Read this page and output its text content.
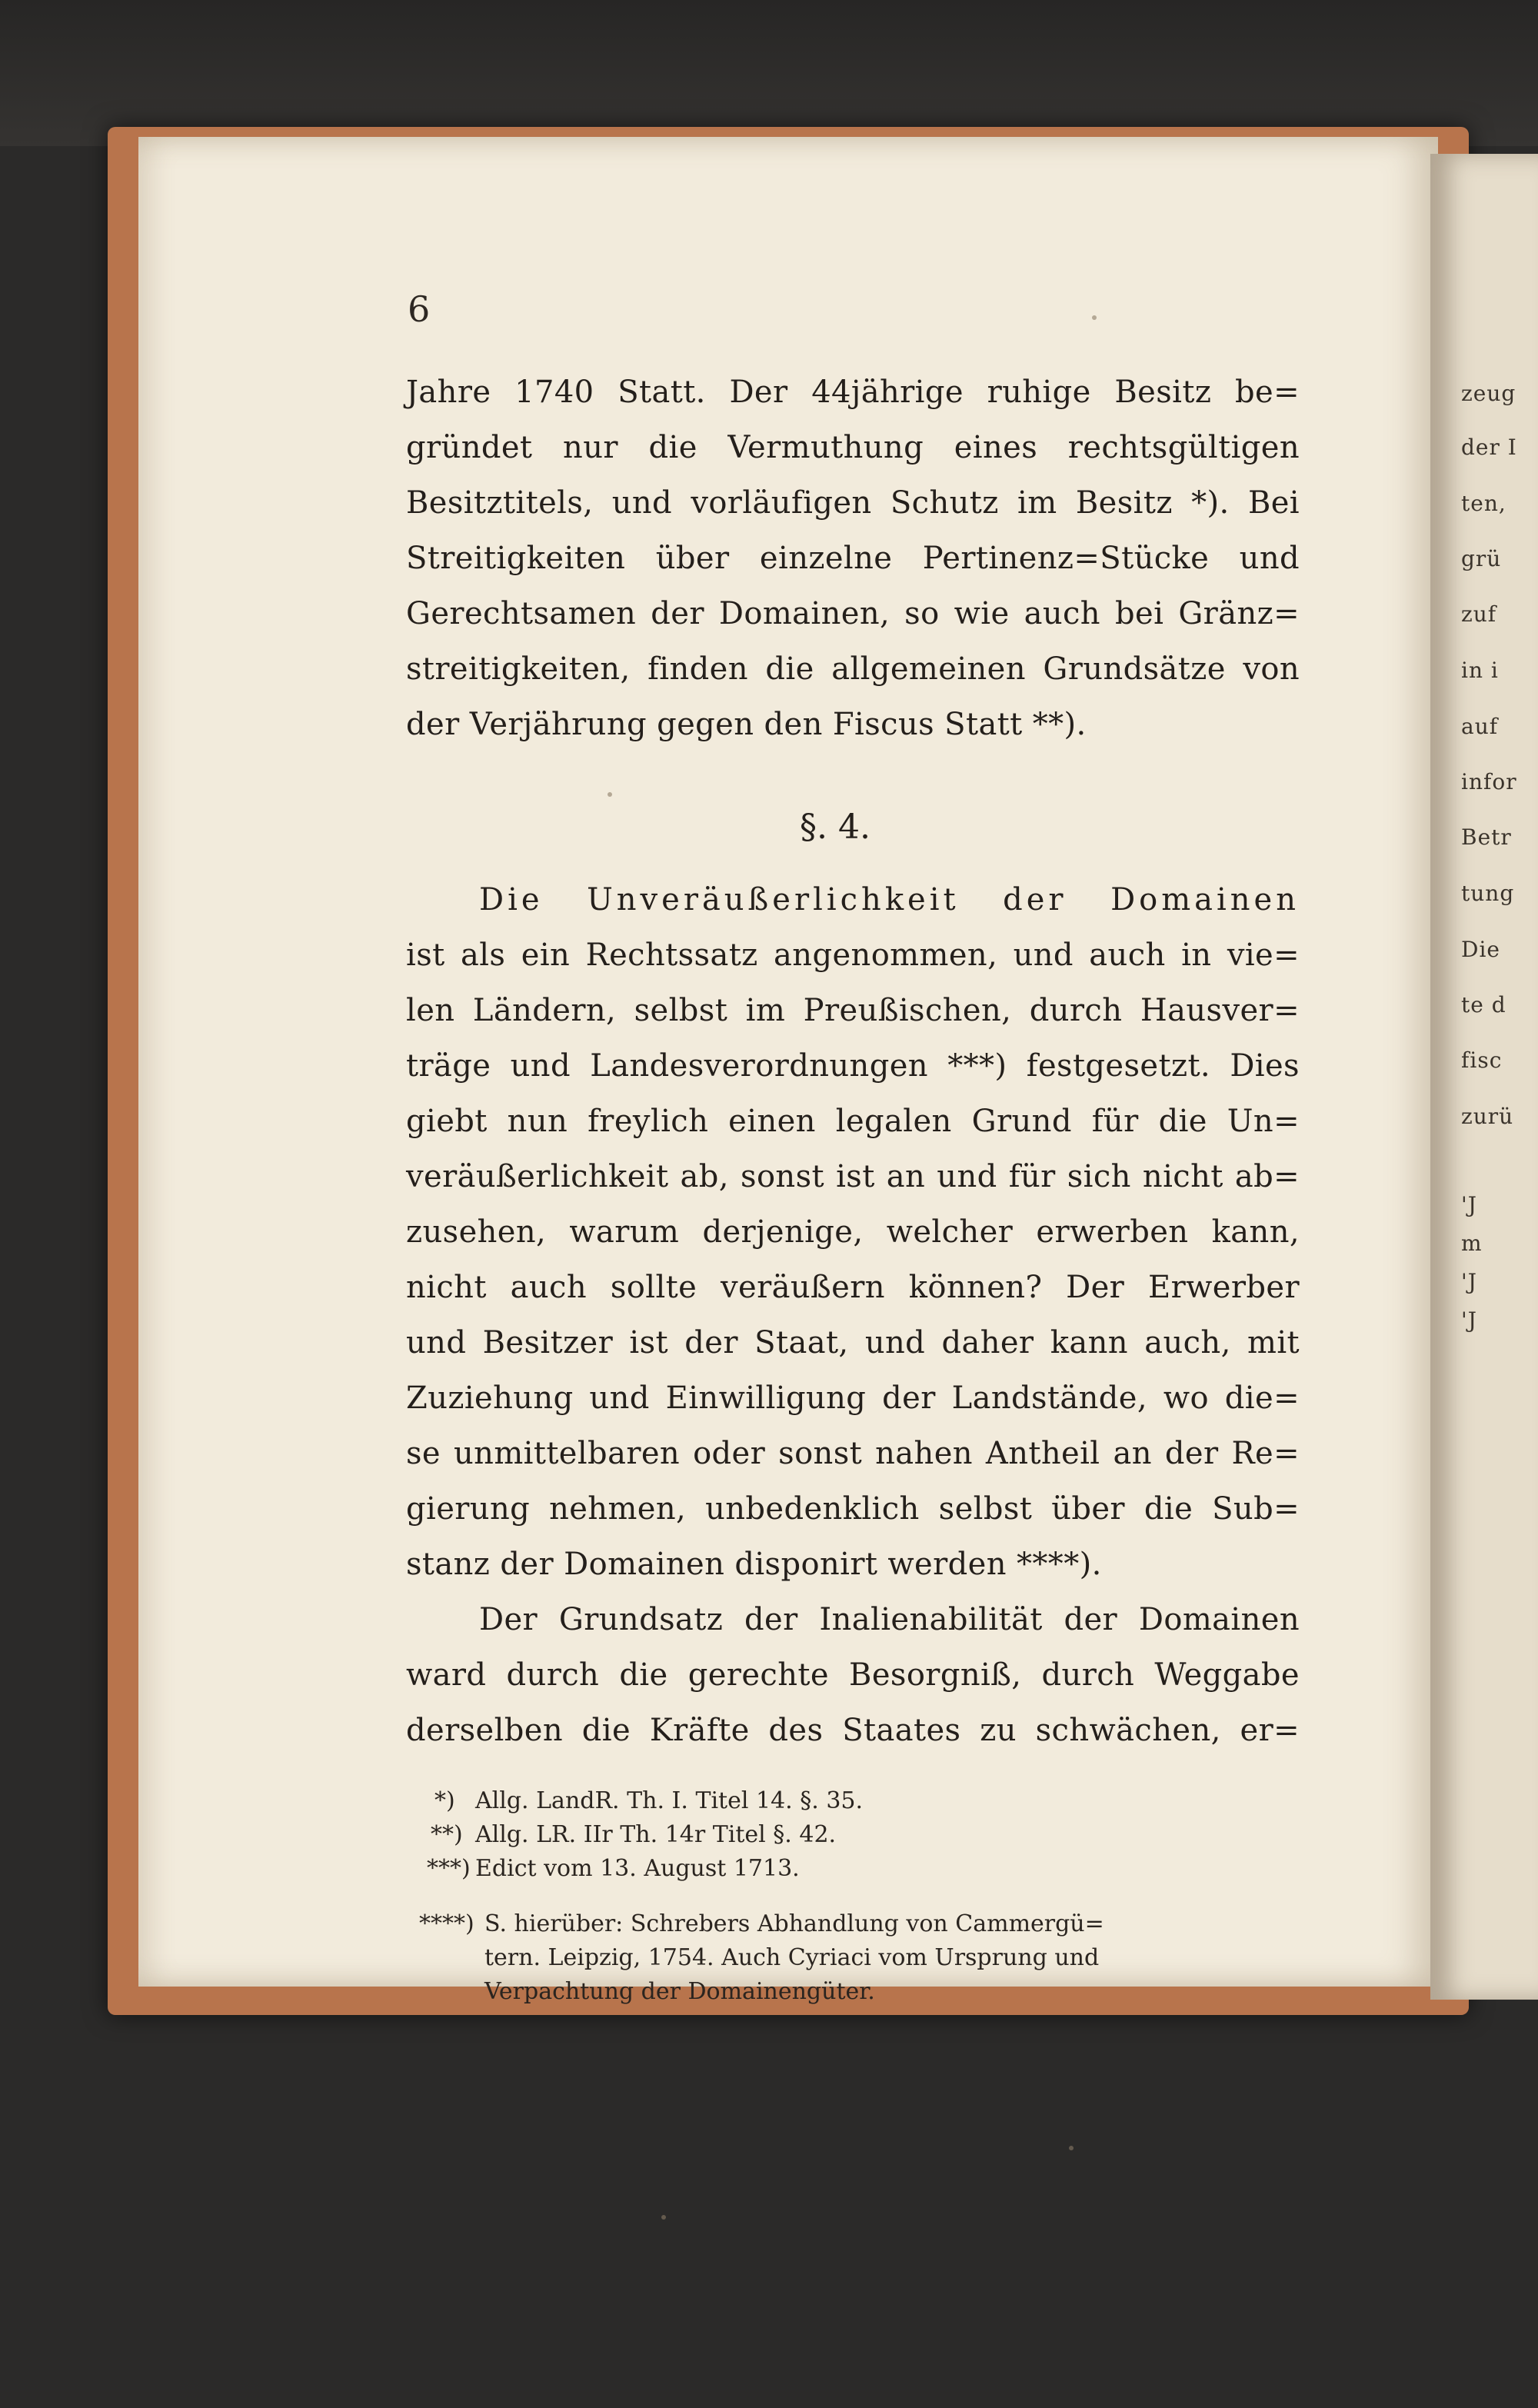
zeug
der I
ten,
grü
zuf
in i
auf
infor
Betr
tung
Die
te d
fisc
zurü
'J
m
'J
'J
6
Jahre 1740 Statt. Der 44jährige ruhige Besitz be=
gründet nur die Vermuthung eines rechtsgültigen
Besitztitels, und vorläufigen Schutz im Besitz *). Bei
Streitigkeiten über einzelne Pertinenz=Stücke und
Gerechtsamen der Domainen, so wie auch bei Gränz=
streitigkeiten, finden die allgemeinen Grundsätze von
der Verjährung gegen den Fiscus Statt **).
Die Unveräußerlichkeit der Domainen
ist als ein Rechtssatz angenommen, und auch in vie=
len Ländern, selbst im Preußischen, durch Hausver=
träge und Landesverordnungen ***) festgesetzt. Dies
giebt nun freylich einen legalen Grund für die Un=
veräußerlichkeit ab, sonst ist an und für sich nicht ab=
zusehen, warum derjenige, welcher erwerben kann,
nicht auch sollte veräußern können? Der Erwerber
und Besitzer ist der Staat, und daher kann auch, mit
Zuziehung und Einwilligung der Landstände, wo die=
se unmittelbaren oder sonst nahen Antheil an der Re=
gierung nehmen, unbedenklich selbst über die Sub=
stanz der Domainen disponirt werden ****).
Der Grundsatz der Inalienabilität der Domainen
ward durch die gerechte Besorgniß, durch Weggabe
derselben die Kräfte des Staates zu schwächen, er=
§. 4.
*) Allg. LandR. Th. I. Titel 14. §. 35.
**) Allg. LR. IIr Th. 14r Titel §. 42.
***) Edict vom 13. August 1713.
****) S. hierüber: Schrebers Abhandlung von Cammergü=
tern. Leipzig, 1754. Auch Cyriaci vom Ursprung und
Verpachtung der Domainengüter.
